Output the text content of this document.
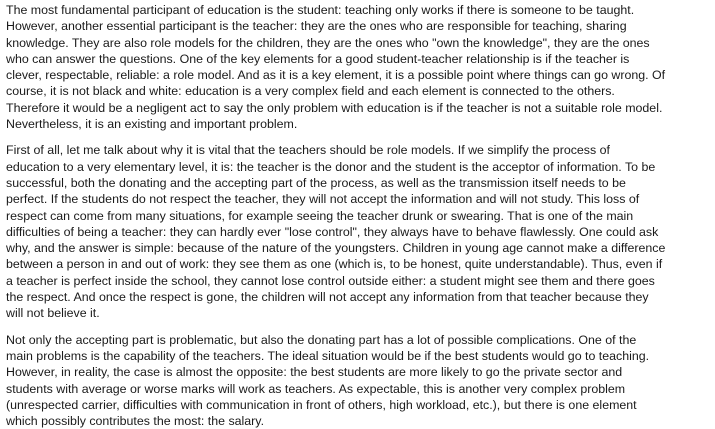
The most fundamental participant of education is the student: teaching only works if there is someone to be taught.
However, another essential participant is the teacher: they are the ones who are responsible for teaching, sharing
knowledge. They are also role models for the children, they are the ones who "own the knowledge", they are the ones
who can answer the questions. One of the key elements for a good student-teacher relationship is if the teacher is
clever, respectable, reliable: a role model. And as it is a key element, it is a possible point where things can go wrong. Of
course, it is not black and white: education is a very complex field and each element is connected to the others.
Therefore it would be a negligent act to say the only problem with education is if the teacher is not a suitable role model.
Nevertheless, it is an existing and important problem.

First of all, let me talk about why it is vital that the teachers should be role models. If we simplify the process of
education to a very elementary level, it is: the teacher is the donor and the student is the acceptor of information. To be
successful, both the donating and the accepting part of the process, as well as the transmission itself needs to be
perfect. If the students do not respect the teacher, they will not accept the information and will not study. This loss of
respect can come from many situations, for example seeing the teacher drunk or swearing. That is one of the main
difficulties of being a teacher: they can hardly ever "lose control", they always have to behave flawlessly. One could ask
why, and the answer is simple: because of the nature of the youngsters. Children in young age cannot make a difference
between a person in and out of work: they see them as one (which is, to be honest, quite understandable). Thus, even if
a teacher is perfect inside the school, they cannot lose control outside either: a student might see them and there goes
the respect. And once the respect is gone, the children will not accept any information from that teacher because they
will not believe it.

Not only the accepting part is problematic, but also the donating part has a lot of possible complications. One of the
main problems is the capability of the teachers. The ideal situation would be if the best students would go to teaching.
However, in reality, the case is almost the opposite: the best students are more likely to go the private sector and
students with average or worse marks will work as teachers. As expectable, this is another very complex problem
(unrespected carrier, difficulties with communication in front of others, high workload, etc.), but there is one element
which possibly contributes the most: the salary.
